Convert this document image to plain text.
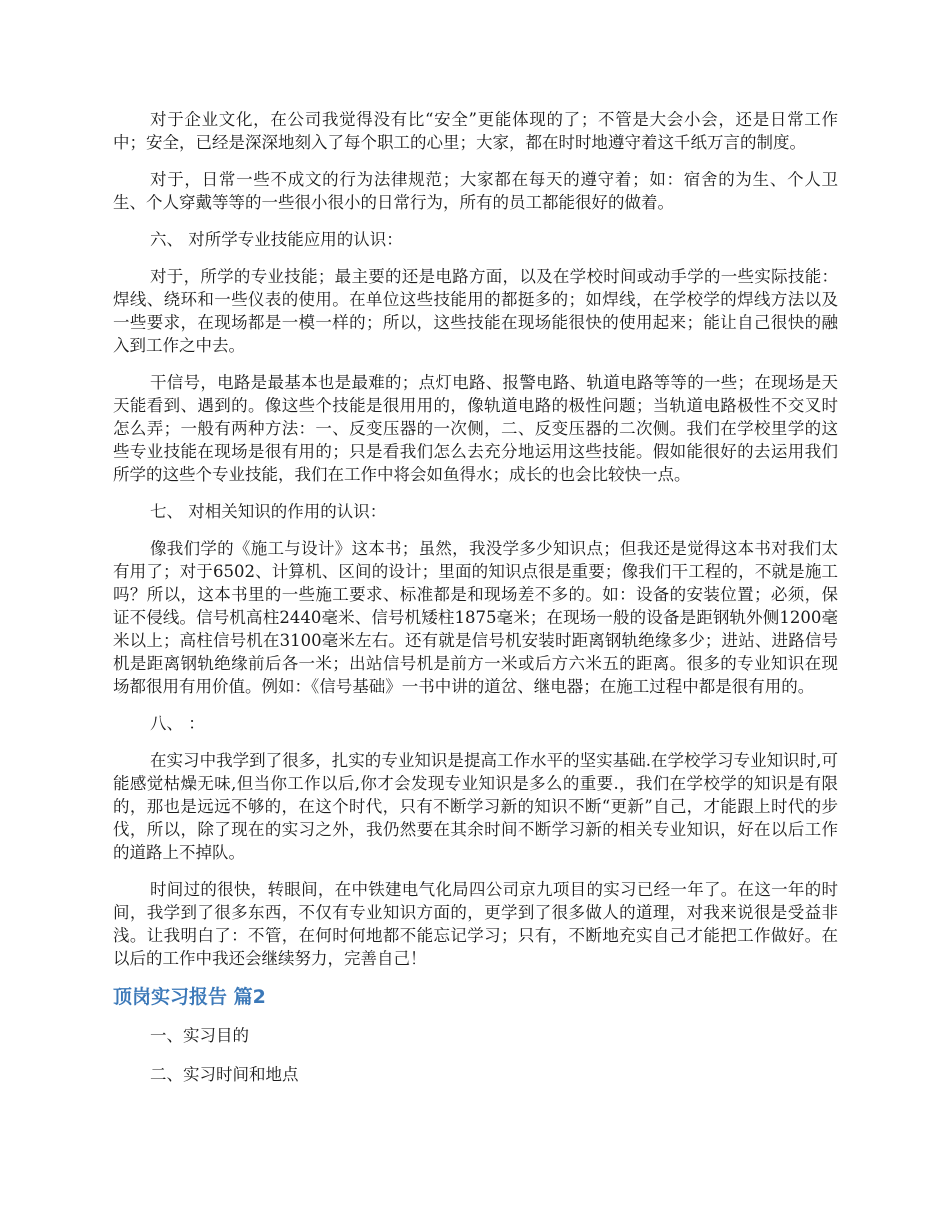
对于企业文化，在公司我觉得没有比“安全”更能体现的了；不管是大会小会，还是日常工作中；安全，已经是深深地刻入了每个职工的心里；大家，都在时时地遵守着这千纸万言的制度。

对于，日常一些不成文的行为法律规范；大家都在每天的遵守着；如：宿舍的为生、个人卫生、个人穿戴等等的一些很小很小的日常行为，所有的员工都能很好的做着。

六、 对所学专业技能应用的认识：

对于，所学的专业技能；最主要的还是电路方面，以及在学校时间或动手学的一些实际技能：焊线、绕环和一些仪表的使用。在单位这些技能用的都挺多的；如焊线，在学校学的焊线方法以及一些要求，在现场都是一模一样的；所以，这些技能在现场能很快的使用起来；能让自己很快的融入到工作之中去。

干信号，电路是最基本也是最难的；点灯电路、报警电路、轨道电路等等的一些；在现场是天天能看到、遇到的。像这些个技能是很用用的，像轨道电路的极性问题；当轨道电路极性不交叉时怎么弄；一般有两种方法：一、反变压器的一次侧，二、反变压器的二次侧。我们在学校里学的这些专业技能在现场是很有用的；只是看我们怎么去充分地运用这些技能。假如能很好的去运用我们所学的这些个专业技能，我们在工作中将会如鱼得水；成长的也会比较快一点。

七、 对相关知识的作用的认识：

像我们学的《施工与设计》这本书；虽然，我没学多少知识点；但我还是觉得这本书对我们太有用了；对于6502、计算机、区间的设计；里面的知识点很是重要；像我们干工程的，不就是施工吗？所以，这本书里的一些施工要求、标准都是和现场差不多的。如：设备的安装位置；必须，保证不侵线。信号机高柱2440毫米、信号机矮柱1875毫米；在现场一般的设备是距钢轨外侧1200毫米以上；高柱信号机在3100毫米左右。还有就是信号机安装时距离钢轨绝缘多少；进站、进路信号机是距离钢轨绝缘前后各一米；出站信号机是前方一米或后方六米五的距离。很多的专业知识在现场都很用有用价值。例如：《信号基础》一书中讲的道岔、继电器；在施工过程中都是很有用的。

八、 ：

在实习中我学到了很多，扎实的专业知识是提高工作水平的坚实基础.在学校学习专业知识时,可能感觉枯燥无味,但当你工作以后,你才会发现专业知识是多么的重要.，我们在学校学的知识是有限的，那也是远远不够的，在这个时代，只有不断学习新的知识不断“更新”自己，才能跟上时代的步伐，所以，除了现在的实习之外，我仍然要在其余时间不断学习新的相关专业知识，好在以后工作的道路上不掉队。

时间过的很快，转眼间，在中铁建电气化局四公司京九项目的实习已经一年了。在这一年的时间，我学到了很多东西，不仅有专业知识方面的，更学到了很多做人的道理，对我来说很是受益非浅。让我明白了：不管，在何时何地都不能忘记学习；只有，不断地充实自己才能把工作做好。在以后的工作中我还会继续努力，完善自己！

顶岗实习报告 篇2

一、实习目的

二、实习时间和地点
